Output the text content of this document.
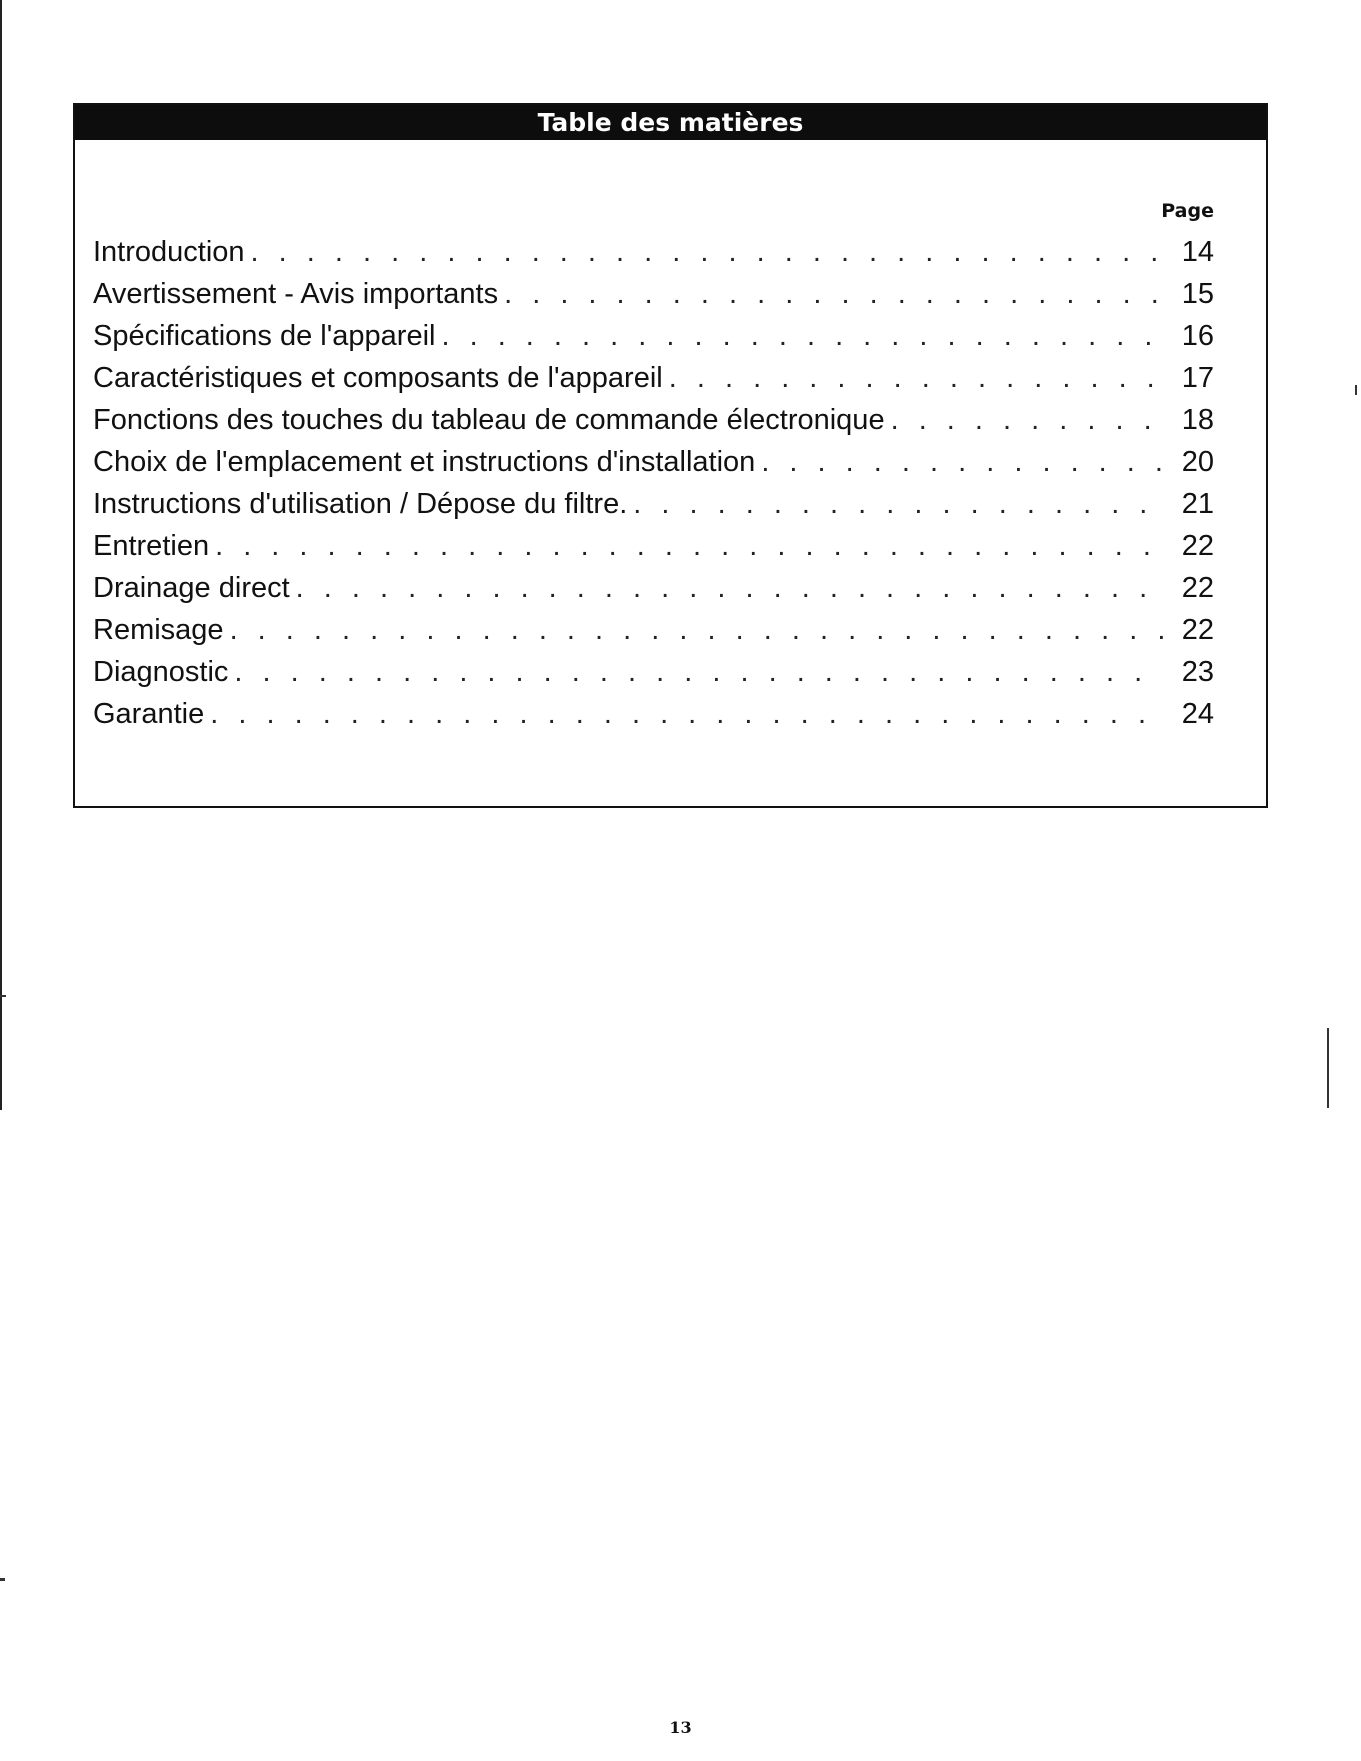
Table des matières
Page
Introduction . . .	14
Avertissement - Avis importants . . .	15
Spécifications de l'appareil . . .	16
Caractéristiques et composants de l'appareil . . .	17
Fonctions des touches du tableau de commande électronique . . .	18
Choix de l'emplacement et instructions d'installation . . .	20
Instructions d'utilisation / Dépose du filtre. . . .	21
Entretien . . .	22
Drainage direct . . .	22
Remisage . . .	22
Diagnostic . . .	23
Garantie . . .	24
13
